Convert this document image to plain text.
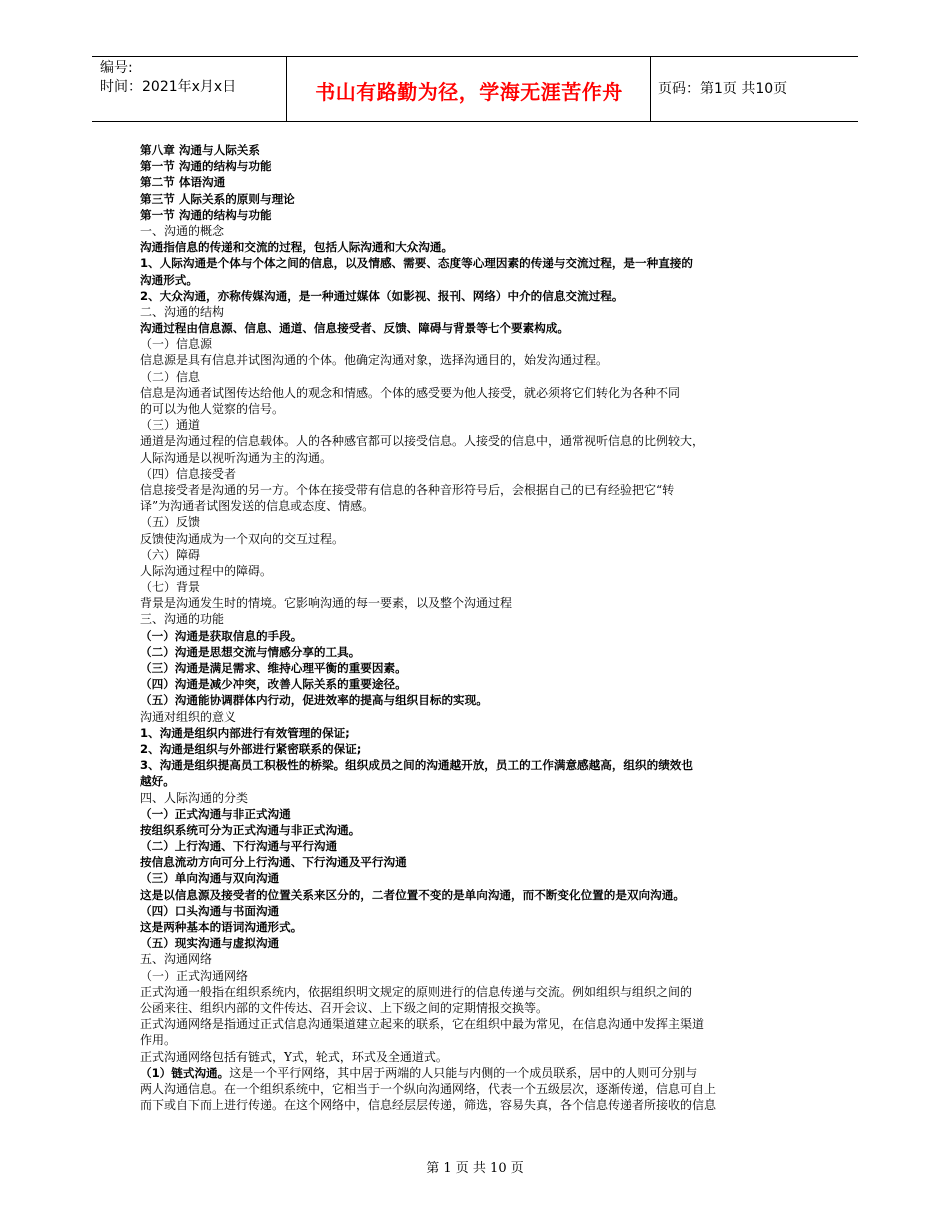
编号:
时间：2021年x月x日	书山有路勤为径，学海无涯苦作舟	页码：第1页 共10页
第八章 沟通与人际关系
第一节 沟通的结构与功能
第二节 体语沟通
第三节 人际关系的原则与理论
第一节 沟通的结构与功能
一、沟通的概念
沟通指信息的传递和交流的过程，包括人际沟通和大众沟通。
1、人际沟通是个体与个体之间的信息，以及情感、需要、态度等心理因素的传递与交流过程，是一种直接的
沟通形式。
2、大众沟通，亦称传媒沟通，是一种通过媒体（如影视、报刊、网络）中介的信息交流过程。
二、沟通的结构
沟通过程由信息源、信息、通道、信息接受者、反馈、障碍与背景等七个要素构成。
（一）信息源
信息源是具有信息并试图沟通的个体。他确定沟通对象，选择沟通目的，始发沟通过程。
（二）信息
信息是沟通者试图传达给他人的观念和情感。个体的感受要为他人接受，就必须将它们转化为各种不同
的可以为他人觉察的信号。
（三）通道
通道是沟通过程的信息载体。人的各种感官都可以接受信息。人接受的信息中，通常视听信息的比例较大，
人际沟通是以视听沟通为主的沟通。
（四）信息接受者
信息接受者是沟通的另一方。个体在接受带有信息的各种音形符号后，会根据自己的已有经验把它“转
译”为沟通者试图发送的信息或态度、情感。
（五）反馈
反馈使沟通成为一个双向的交互过程。
（六）障碍
人际沟通过程中的障碍。
（七）背景
背景是沟通发生时的情境。它影响沟通的每一要素，以及整个沟通过程
三、沟通的功能
（一）沟通是获取信息的手段。
（二）沟通是思想交流与情感分享的工具。
（三）沟通是满足需求、维持心理平衡的重要因素。
（四）沟通是减少冲突，改善人际关系的重要途径。
（五）沟通能协调群体内行动，促进效率的提高与组织目标的实现。
沟通对组织的意义
1、沟通是组织内部进行有效管理的保证;
2、沟通是组织与外部进行紧密联系的保证;
3、沟通是组织提高员工积极性的桥梁。组织成员之间的沟通越开放，员工的工作满意感越高，组织的绩效也
越好。
四、人际沟通的分类
（一）正式沟通与非正式沟通
按组织系统可分为正式沟通与非正式沟通。
（二）上行沟通、下行沟通与平行沟通
按信息流动方向可分上行沟通、下行沟通及平行沟通
（三）单向沟通与双向沟通
这是以信息源及接受者的位置关系来区分的，二者位置不变的是单向沟通，而不断变化位置的是双向沟通。
（四）口头沟通与书面沟通
这是两种基本的语词沟通形式。
（五）现实沟通与虚拟沟通
五、沟通网络
（一）正式沟通网络
正式沟通一般指在组织系统内，依据组织明文规定的原则进行的信息传递与交流。例如组织与组织之间的
公函来往、组织内部的文件传达、召开会议、上下级之间的定期情报交换等。
正式沟通网络是指通过正式信息沟通渠道建立起来的联系，它在组织中最为常见，在信息沟通中发挥主渠道
作用。
正式沟通网络包括有链式，Y式，轮式，环式及全通道式。
（1）链式沟通。这是一个平行网络，其中居于两端的人只能与内侧的一个成员联系，居中的人则可分别与
两人沟通信息。在一个组织系统中，它相当于一个纵向沟通网络，代表一个五级层次，逐渐传递，信息可自上
而下或自下而上进行传递。在这个网络中，信息经层层传递，筛选，容易失真，各个信息传递者所接收的信息
第 1 页 共 10 页
